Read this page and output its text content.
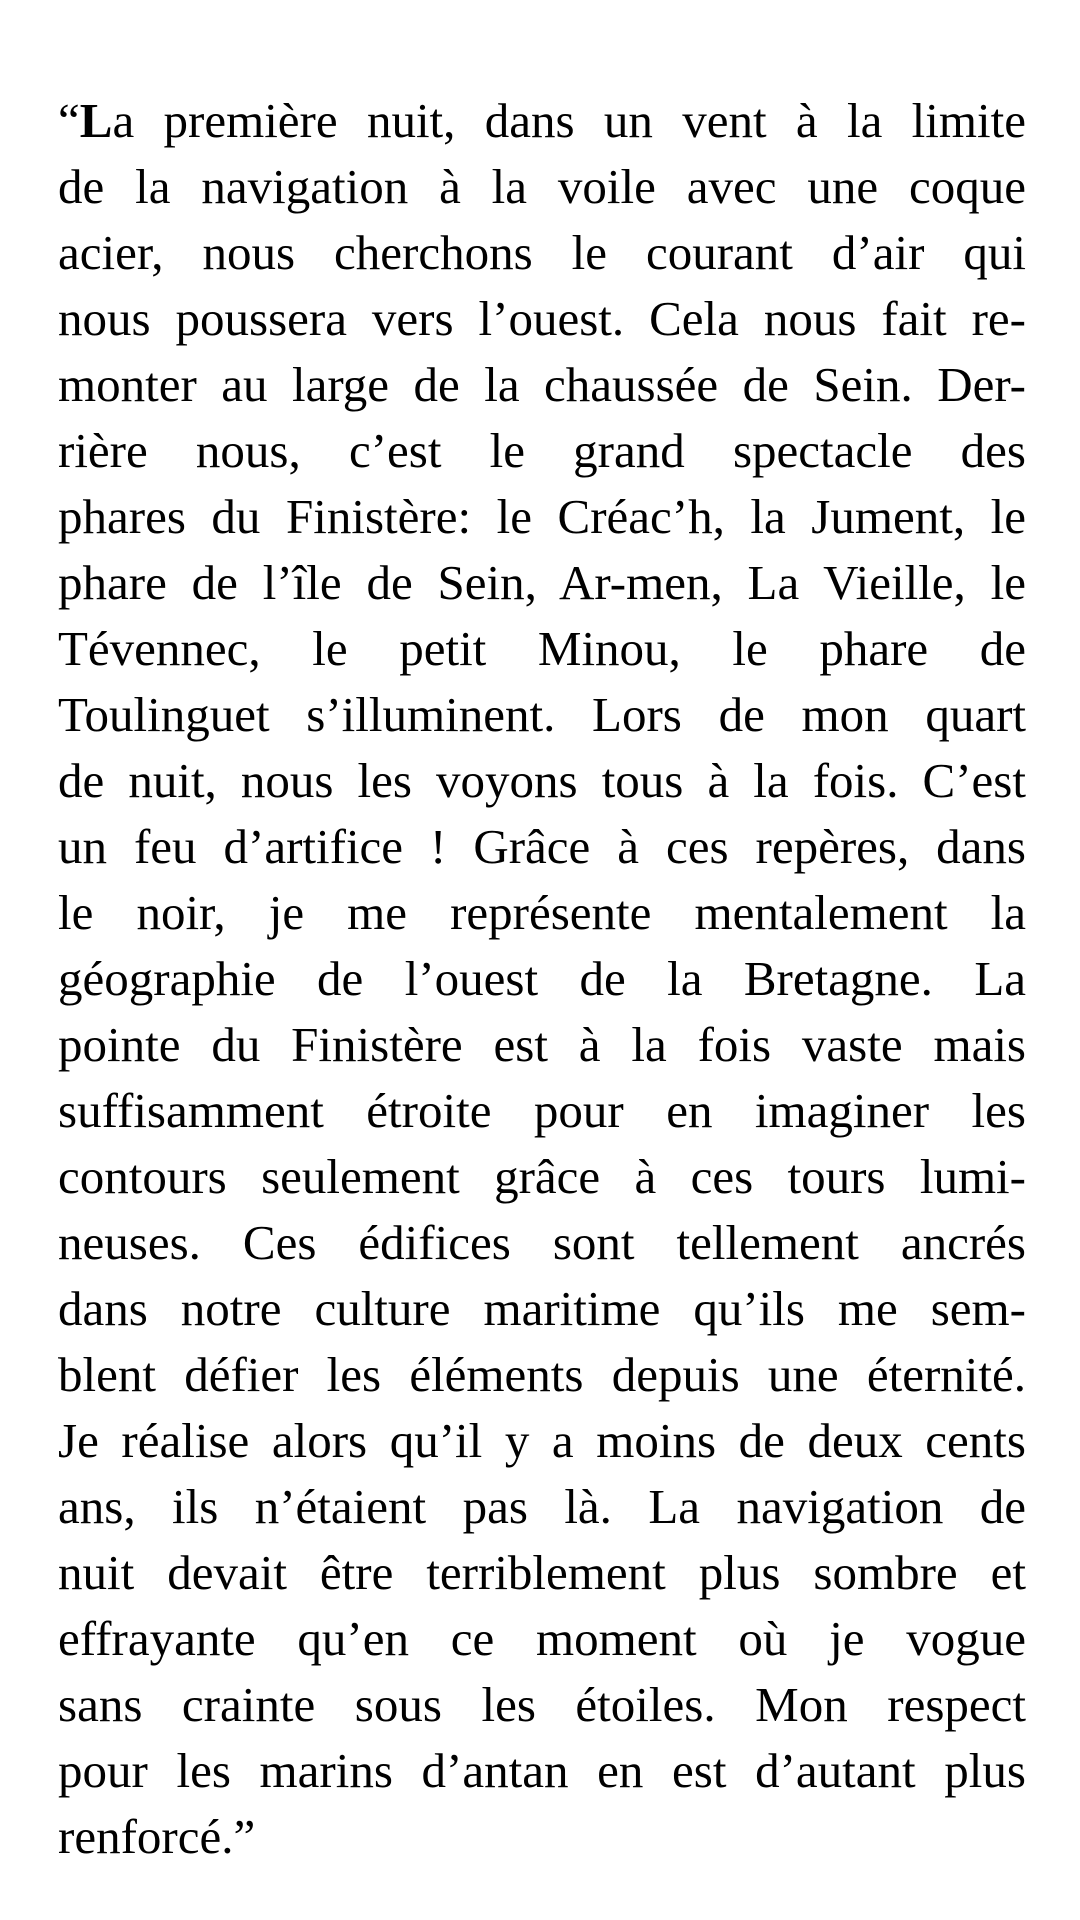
“La première nuit, dans un vent à la limite
de la navigation à la voile avec une coque
acier, nous cherchons le courant d’air qui
nous poussera vers l’ouest. Cela nous fait re-
monter au large de la chaussée de Sein. Der-
rière nous, c’est le grand spectacle des
phares du Finistère: le Créac’h, la Jument, le
phare de l’île de Sein, Ar-men, La Vieille, le
Tévennec, le petit Minou, le phare de
Toulinguet s’illuminent. Lors de mon quart
de nuit, nous les voyons tous à la fois. C’est
un feu d’artifice ! Grâce à ces repères, dans
le noir, je me représente mentalement la
géographie de l’ouest de la Bretagne. La
pointe du Finistère est à la fois vaste mais
suffisamment étroite pour en imaginer les
contours seulement grâce à ces tours lumi-
neuses. Ces édifices sont tellement ancrés
dans notre culture maritime qu’ils me sem-
blent défier les éléments depuis une éternité.
Je réalise alors qu’il y a moins de deux cents
ans, ils n’étaient pas là. La navigation de
nuit devait être terriblement plus sombre et
effrayante qu’en ce moment où je vogue
sans crainte sous les étoiles. Mon respect
pour les marins d’antan en est d’autant plus
renforcé.”
